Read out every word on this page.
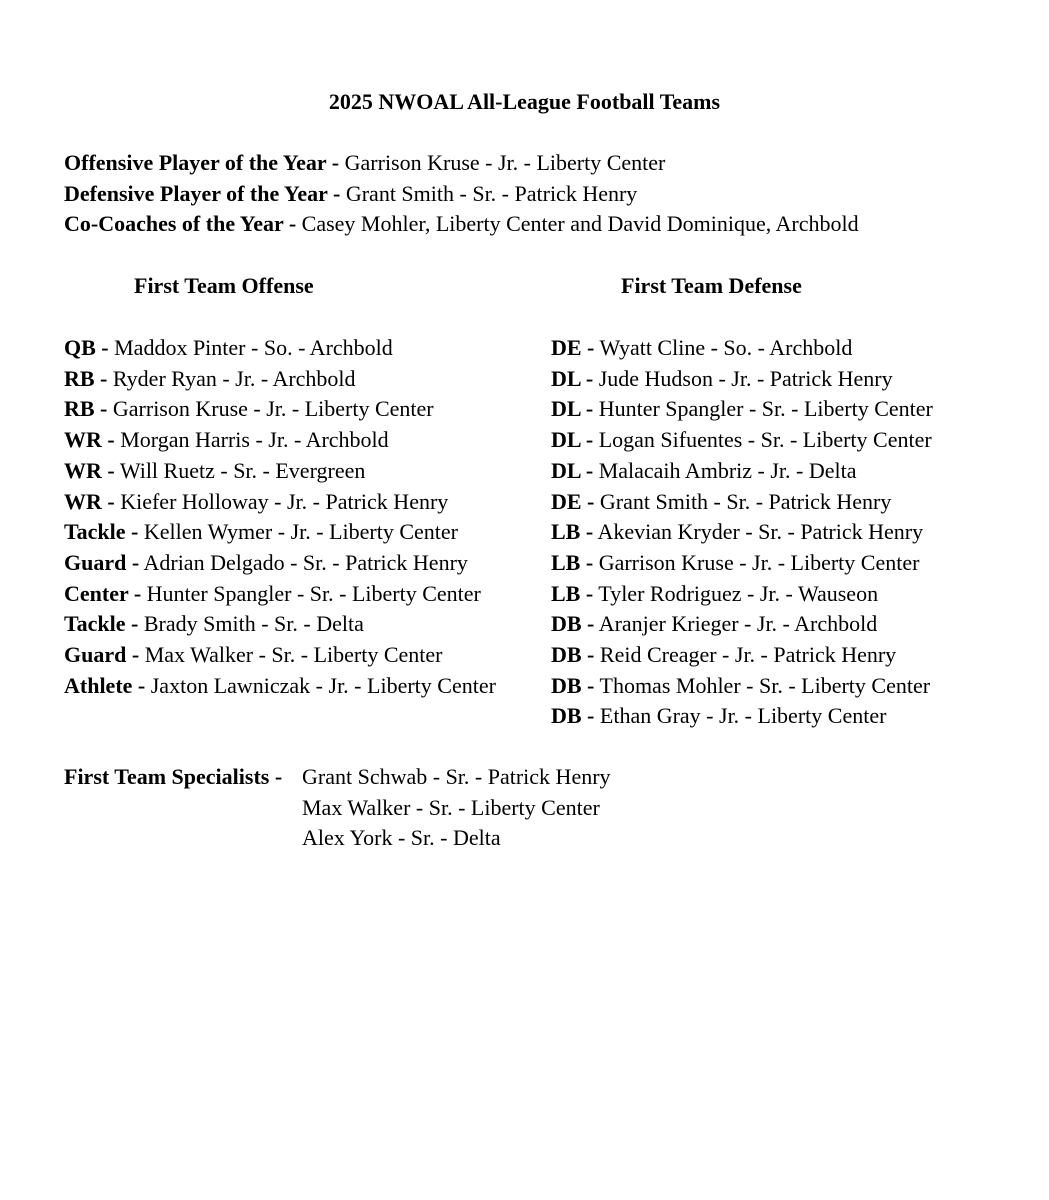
2025 NWOAL All-League Football Teams
Offensive Player of the Year - Garrison Kruse - Jr. - Liberty Center
Defensive Player of the Year - Grant Smith - Sr. - Patrick Henry
Co-Coaches of the Year - Casey Mohler, Liberty Center and David Dominique, Archbold
First Team Offense	First Team Defense
QB - Maddox Pinter - So. - Archbold
RB - Ryder Ryan - Jr. - Archbold
RB - Garrison Kruse - Jr. - Liberty Center
WR - Morgan Harris - Jr. - Archbold
WR - Will Ruetz - Sr. - Evergreen
WR - Kiefer Holloway - Jr. - Patrick Henry
Tackle - Kellen Wymer - Jr. - Liberty Center
Guard - Adrian Delgado - Sr. - Patrick Henry
Center - Hunter Spangler - Sr. - Liberty Center
Tackle - Brady Smith - Sr. - Delta
Guard - Max Walker - Sr. - Liberty Center
Athlete - Jaxton Lawniczak - Jr. - Liberty Center
DE - Wyatt Cline - So. - Archbold
DL - Jude Hudson - Jr. - Patrick Henry
DL - Hunter Spangler - Sr. - Liberty Center
DL - Logan Sifuentes - Sr. - Liberty Center
DL - Malacaih Ambriz - Jr. - Delta
DE - Grant Smith - Sr. - Patrick Henry
LB - Akevian Kryder - Sr. - Patrick Henry
LB - Garrison Kruse - Jr. - Liberty Center
LB - Tyler Rodriguez - Jr. - Wauseon
DB - Aranjer Krieger - Jr. - Archbold
DB - Reid Creager - Jr. - Patrick Henry
DB - Thomas Mohler - Sr. - Liberty Center
DB - Ethan Gray - Jr. - Liberty Center
First Team Specialists - Grant Schwab - Sr. - Patrick Henry
Max Walker - Sr. - Liberty Center
Alex York - Sr. - Delta
